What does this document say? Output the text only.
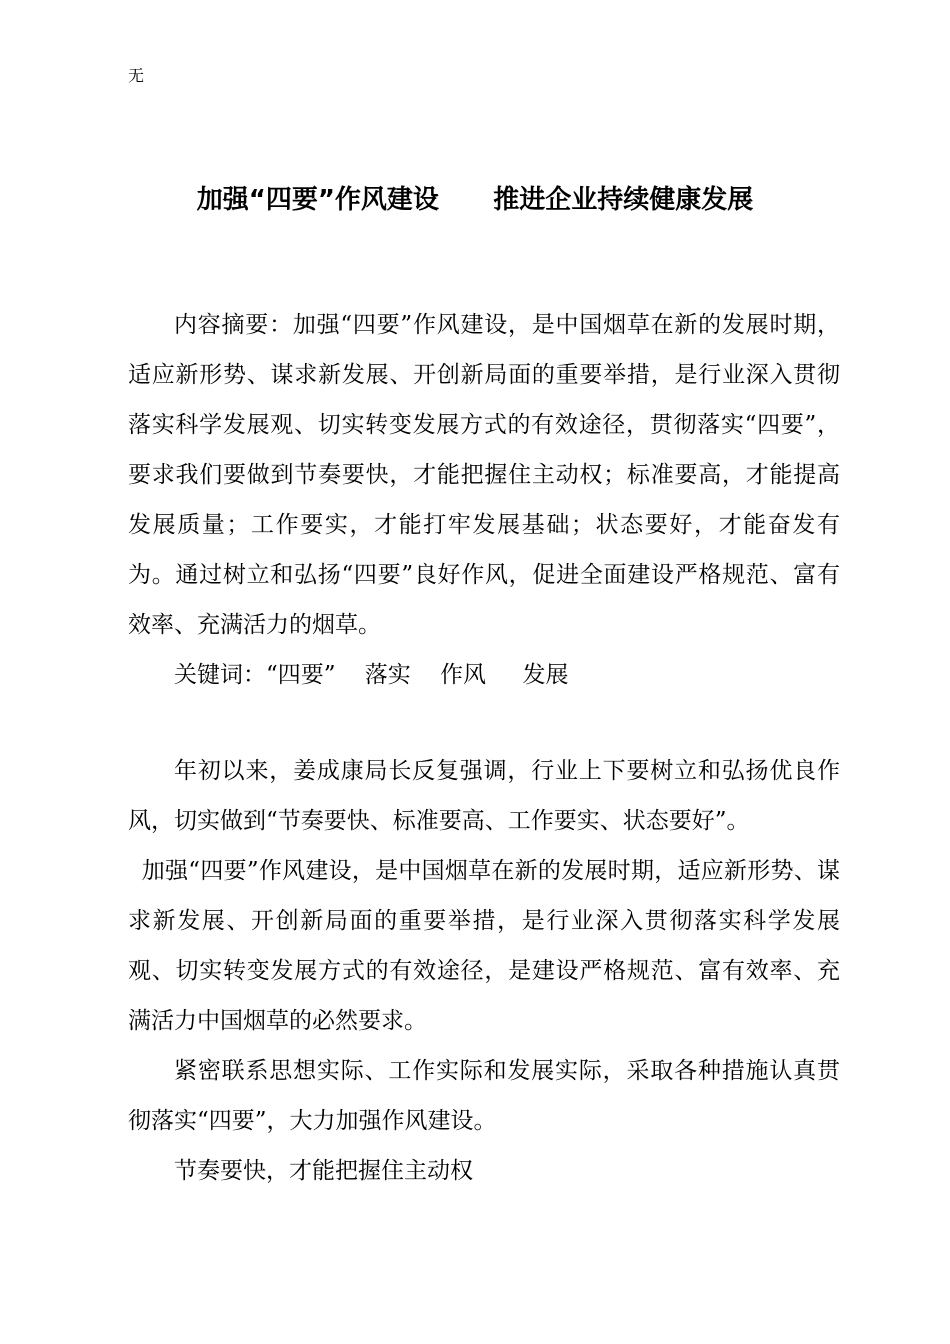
无
加强“四要”作风建设      推进企业持续健康发展

内容摘要：加强“四要”作风建设，是中国烟草在新的发展时期，适应新形势、谋求新发展、开创新局面的重要举措，是行业深入贯彻落实科学发展观、切实转变发展方式的有效途径，贯彻落实“四要”，要求我们要做到节奏要快，才能把握住主动权；标准要高，才能提高发展质量；工作要实，才能打牢发展基础；状态要好，才能奋发有为。通过树立和弘扬“四要”良好作风，促进全面建设严格规范、富有效率、充满活力的烟草。

关键词：“四要”    落实    作风     发展

年初以来，姜成康局长反复强调，行业上下要树立和弘扬优良作风，切实做到“节奏要快、标准要高、工作要实、状态要好”。

加强“四要”作风建设，是中国烟草在新的发展时期，适应新形势、谋求新发展、开创新局面的重要举措，是行业深入贯彻落实科学发展观、切实转变发展方式的有效途径，是建设严格规范、富有效率、充满活力中国烟草的必然要求。

紧密联系思想实际、工作实际和发展实际，采取各种措施认真贯彻落实“四要”，大力加强作风建设。

节奏要快，才能把握住主动权
